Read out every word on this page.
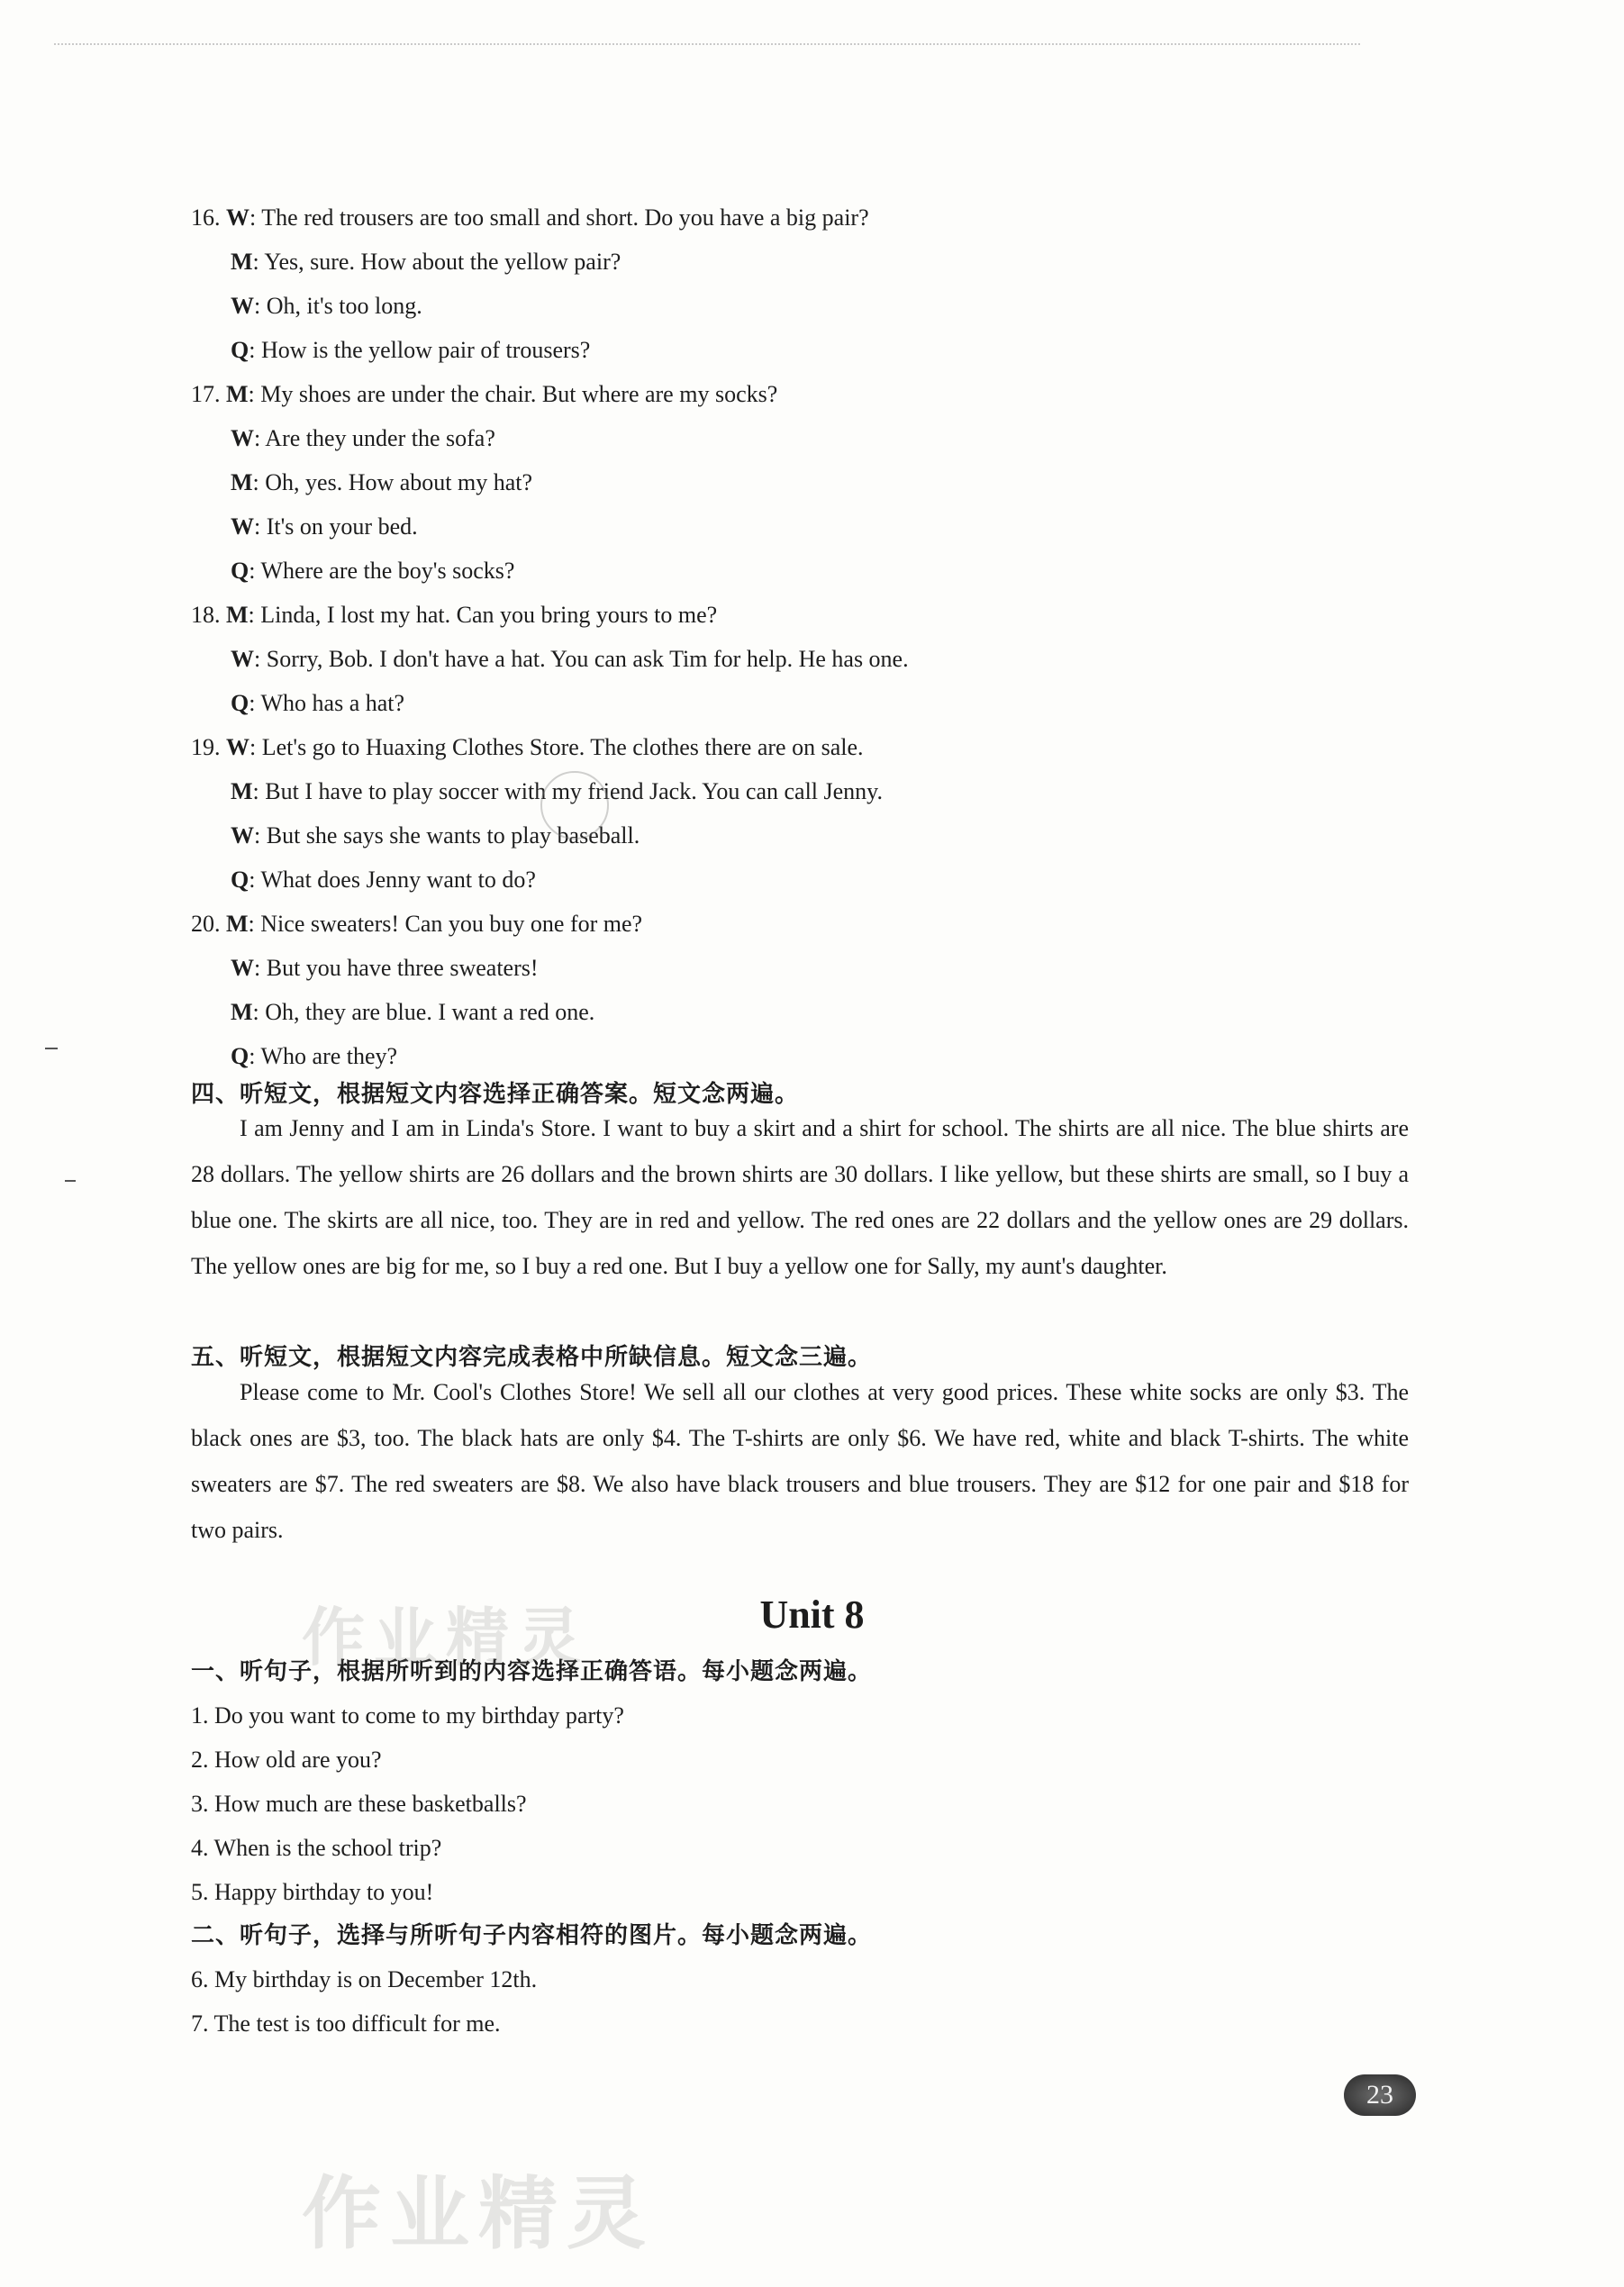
16. W: The red trousers are too small and short. Do you have a big pair?
M: Yes, sure. How about the yellow pair?
W: Oh, it's too long.
Q: How is the yellow pair of trousers?
17. M: My shoes are under the chair. But where are my socks?
W: Are they under the sofa?
M: Oh, yes. How about my hat?
W: It's on your bed.
Q: Where are the boy's socks?
18. M: Linda, I lost my hat. Can you bring yours to me?
W: Sorry, Bob. I don't have a hat. You can ask Tim for help. He has one.
Q: Who has a hat?
19. W: Let's go to Huaxing Clothes Store. The clothes there are on sale.
M: But I have to play soccer with my friend Jack. You can call Jenny.
W: But she says she wants to play baseball.
Q: What does Jenny want to do?
20. M: Nice sweaters! Can you buy one for me?
W: But you have three sweaters!
M: Oh, they are blue. I want a red one.
Q: Who are they?
四、听短文，根据短文内容选择正确答案。短文念两遍。
I am Jenny and I am in Linda's Store. I want to buy a skirt and a shirt for school. The shirts are all nice. The blue shirts are 28 dollars. The yellow shirts are 26 dollars and the brown shirts are 30 dollars. I like yellow, but these shirts are small, so I buy a blue one. The skirts are all nice, too. They are in red and yellow. The red ones are 22 dollars and the yellow ones are 29 dollars. The yellow ones are big for me, so I buy a red one. But I buy a yellow one for Sally, my aunt's daughter.
五、听短文，根据短文内容完成表格中所缺信息。短文念三遍。
Please come to Mr. Cool's Clothes Store! We sell all our clothes at very good prices. These white socks are only $3. The black ones are $3, too. The black hats are only $4. The T-shirts are only $6. We have red, white and black T-shirts. The white sweaters are $7. The red sweaters are $8. We also have black trousers and blue trousers. They are $12 for one pair and $18 for two pairs.
Unit 8
一、听句子，根据所听到的内容选择正确答语。每小题念两遍。
1. Do you want to come to my birthday party?
2. How old are you?
3. How much are these basketballs?
4. When is the school trip?
5. Happy birthday to you!
二、听句子，选择与所听句子内容相符的图片。每小题念两遍。
6. My birthday is on December 12th.
7. The test is too difficult for me.
作业精灵
作业精灵
23
